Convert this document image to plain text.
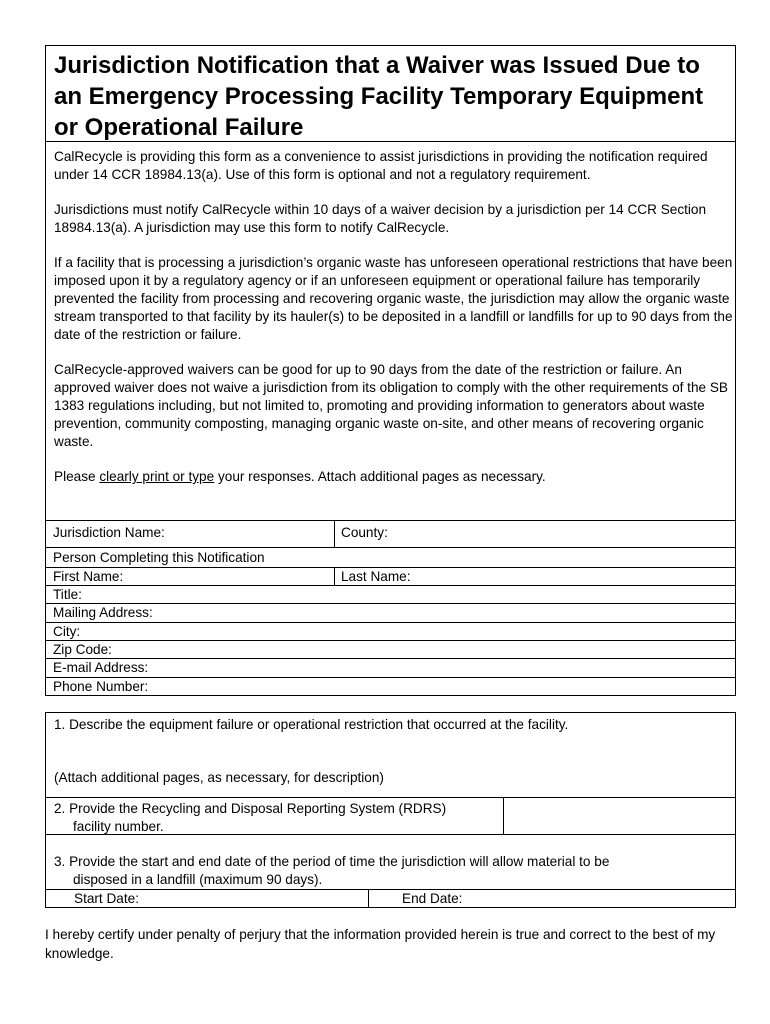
Jurisdiction Notification that a Waiver was Issued Due to an Emergency Processing Facility Temporary Equipment or Operational Failure

CalRecycle is providing this form as a convenience to assist jurisdictions in providing the notification required under 14 CCR 18984.13(a). Use of this form is optional and not a regulatory requirement.

Jurisdictions must notify CalRecycle within 10 days of a waiver decision by a jurisdiction per 14 CCR Section 18984.13(a). A jurisdiction may use this form to notify CalRecycle.

If a facility that is processing a jurisdiction’s organic waste has unforeseen operational restrictions that have been imposed upon it by a regulatory agency or if an unforeseen equipment or operational failure has temporarily prevented the facility from processing and recovering organic waste, the jurisdiction may allow the organic waste stream transported to that facility by its hauler(s) to be deposited in a landfill or landfills for up to 90 days from the date of the restriction or failure.

CalRecycle-approved waivers can be good for up to 90 days from the date of the restriction or failure. An approved waiver does not waive a jurisdiction from its obligation to comply with the other requirements of the SB 1383 regulations including, but not limited to, promoting and providing information to generators about waste prevention, community composting, managing organic waste on-site, and other means of recovering organic waste.

Please clearly print or type your responses. Attach additional pages as necessary.

Jurisdiction Name:	County:
Person Completing this Notification
First Name:	Last Name:
Title:
Mailing Address:
City:
Zip Code:
E-mail Address:
Phone Number:
1. Describe the equipment failure or operational restriction that occurred at the facility.
(Attach additional pages, as necessary, for description)
2. Provide the Recycling and Disposal Reporting System (RDRS)
facility number.
3. Provide the start and end date of the period of time the jurisdiction will allow material to be
disposed in a landfill (maximum 90 days).
Start Date:	End Date:

I hereby certify under penalty of perjury that the information provided herein is true and correct to the best of my knowledge.
